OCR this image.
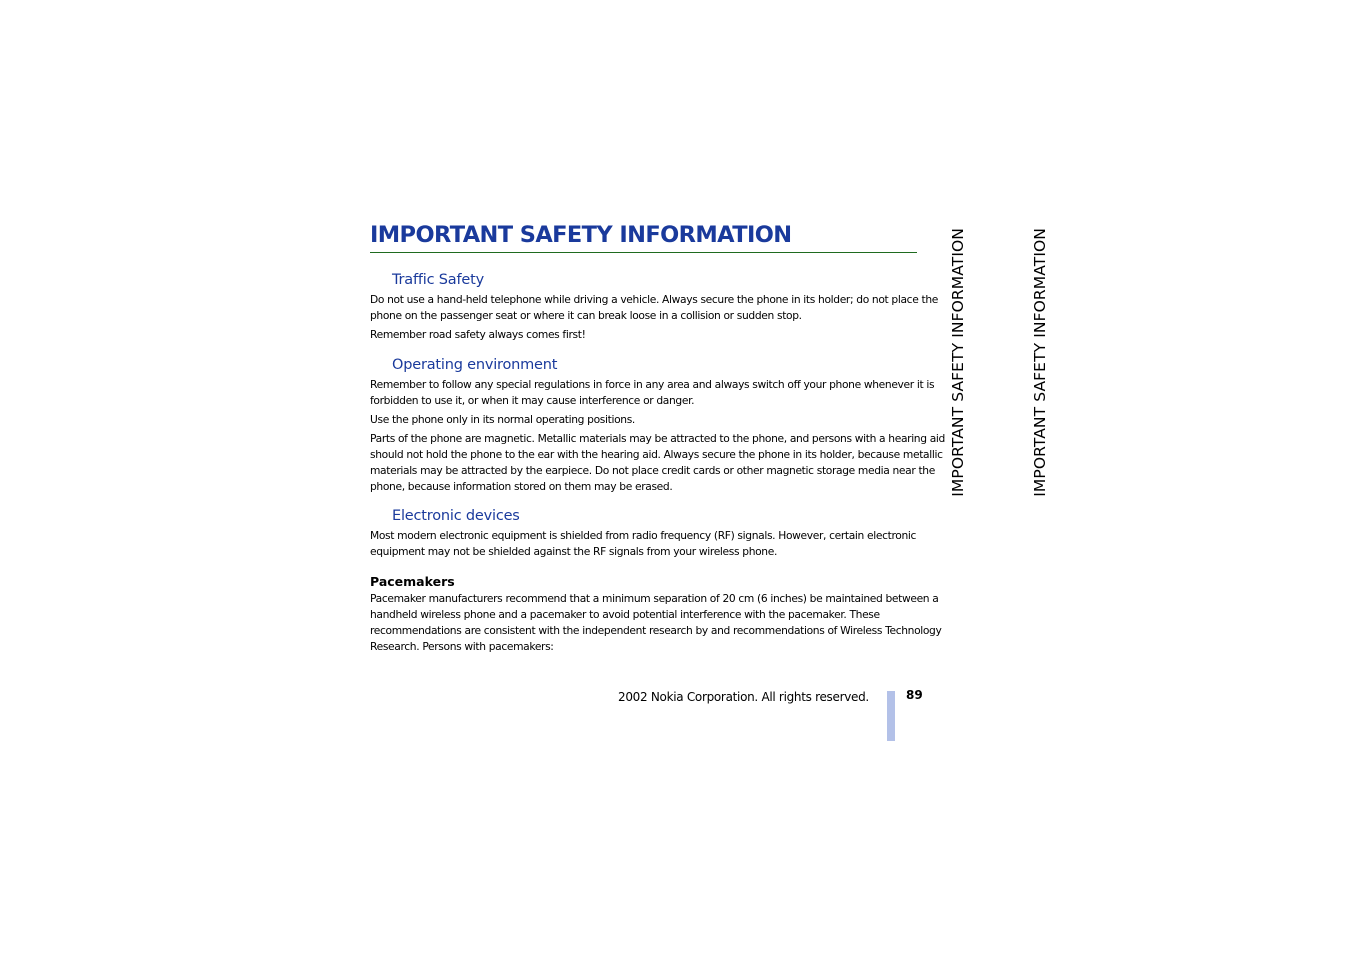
IMPORTANT SAFETY INFORMATION
Traffic Safety

Do not use a hand-held telephone while driving a vehicle. Always secure the phone in its holder; do not place the
phone on the passenger seat or where it can break loose in a collision or sudden stop.

Remember road safety always comes first!

Operating environment

Remember to follow any special regulations in force in any area and always switch off your phone whenever it is
forbidden to use it, or when it may cause interference or danger.

Use the phone only in its normal operating positions.

Parts of the phone are magnetic. Metallic materials may be attracted to the phone, and persons with a hearing aid
should not hold the phone to the ear with the hearing aid. Always secure the phone in its holder, because metallic
materials may be attracted by the earpiece. Do not place credit cards or other magnetic storage media near the
phone, because information stored on them may be erased.

Electronic devices

Most modern electronic equipment is shielded from radio frequency (RF) signals. However, certain electronic
equipment may not be shielded against the RF signals from your wireless phone.

Pacemakers

Pacemaker manufacturers recommend that a minimum separation of 20 cm (6 inches) be maintained between a
handheld wireless phone and a pacemaker to avoid potential interference with the pacemaker. These
recommendations are consistent with the independent research by and recommendations of Wireless Technology
Research. Persons with pacemakers:

2002 Nokia Corporation. All rights reserved.	89
IMPORTANT SAFETY INFORMATION	IMPORTANT SAFETY INFORMATION
